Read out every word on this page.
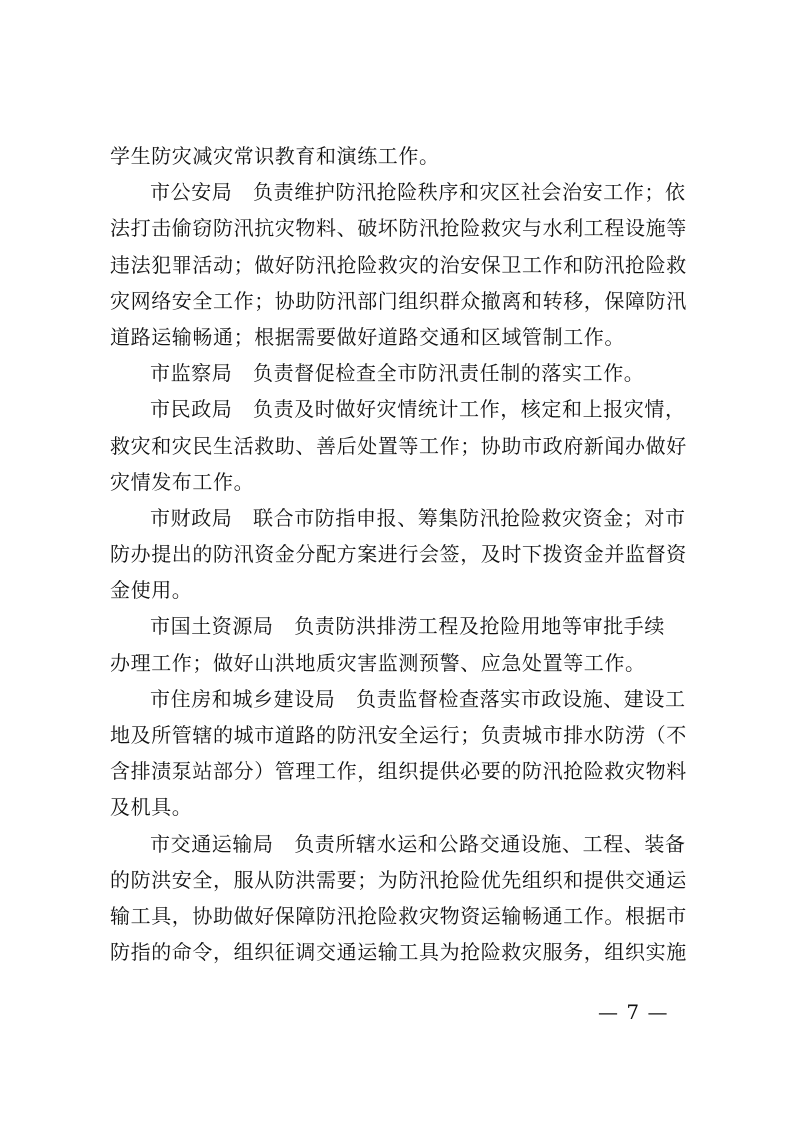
学生防灾减灾常识教育和演练工作。
市公安局　负责维护防汛抢险秩序和灾区社会治安工作；依
法打击偷窃防汛抗灾物料、破坏防汛抢险救灾与水利工程设施等
违法犯罪活动；做好防汛抢险救灾的治安保卫工作和防汛抢险救
灾网络安全工作；协助防汛部门组织群众撤离和转移，保障防汛
道路运输畅通；根据需要做好道路交通和区域管制工作。
市监察局　负责督促检查全市防汛责任制的落实工作。
市民政局　负责及时做好灾情统计工作，核定和上报灾情，
救灾和灾民生活救助、善后处置等工作；协助市政府新闻办做好
灾情发布工作。
市财政局　联合市防指申报、筹集防汛抢险救灾资金；对市
防办提出的防汛资金分配方案进行会签，及时下拨资金并监督资
金使用。
市国土资源局　负责防洪排涝工程及抢险用地等审批手续
办理工作；做好山洪地质灾害监测预警、应急处置等工作。
市住房和城乡建设局　负责监督检查落实市政设施、建设工
地及所管辖的城市道路的防汛安全运行；负责城市排水防涝（不
含排渍泵站部分）管理工作，组织提供必要的防汛抢险救灾物料
及机具。
市交通运输局　负责所辖水运和公路交通设施、工程、装备
的防洪安全，服从防洪需要；为防汛抢险优先组织和提供交通运
输工具，协助做好保障防汛抢险救灾物资运输畅通工作。根据市
防指的命令，组织征调交通运输工具为抢险救灾服务，组织实施
— 7 —
